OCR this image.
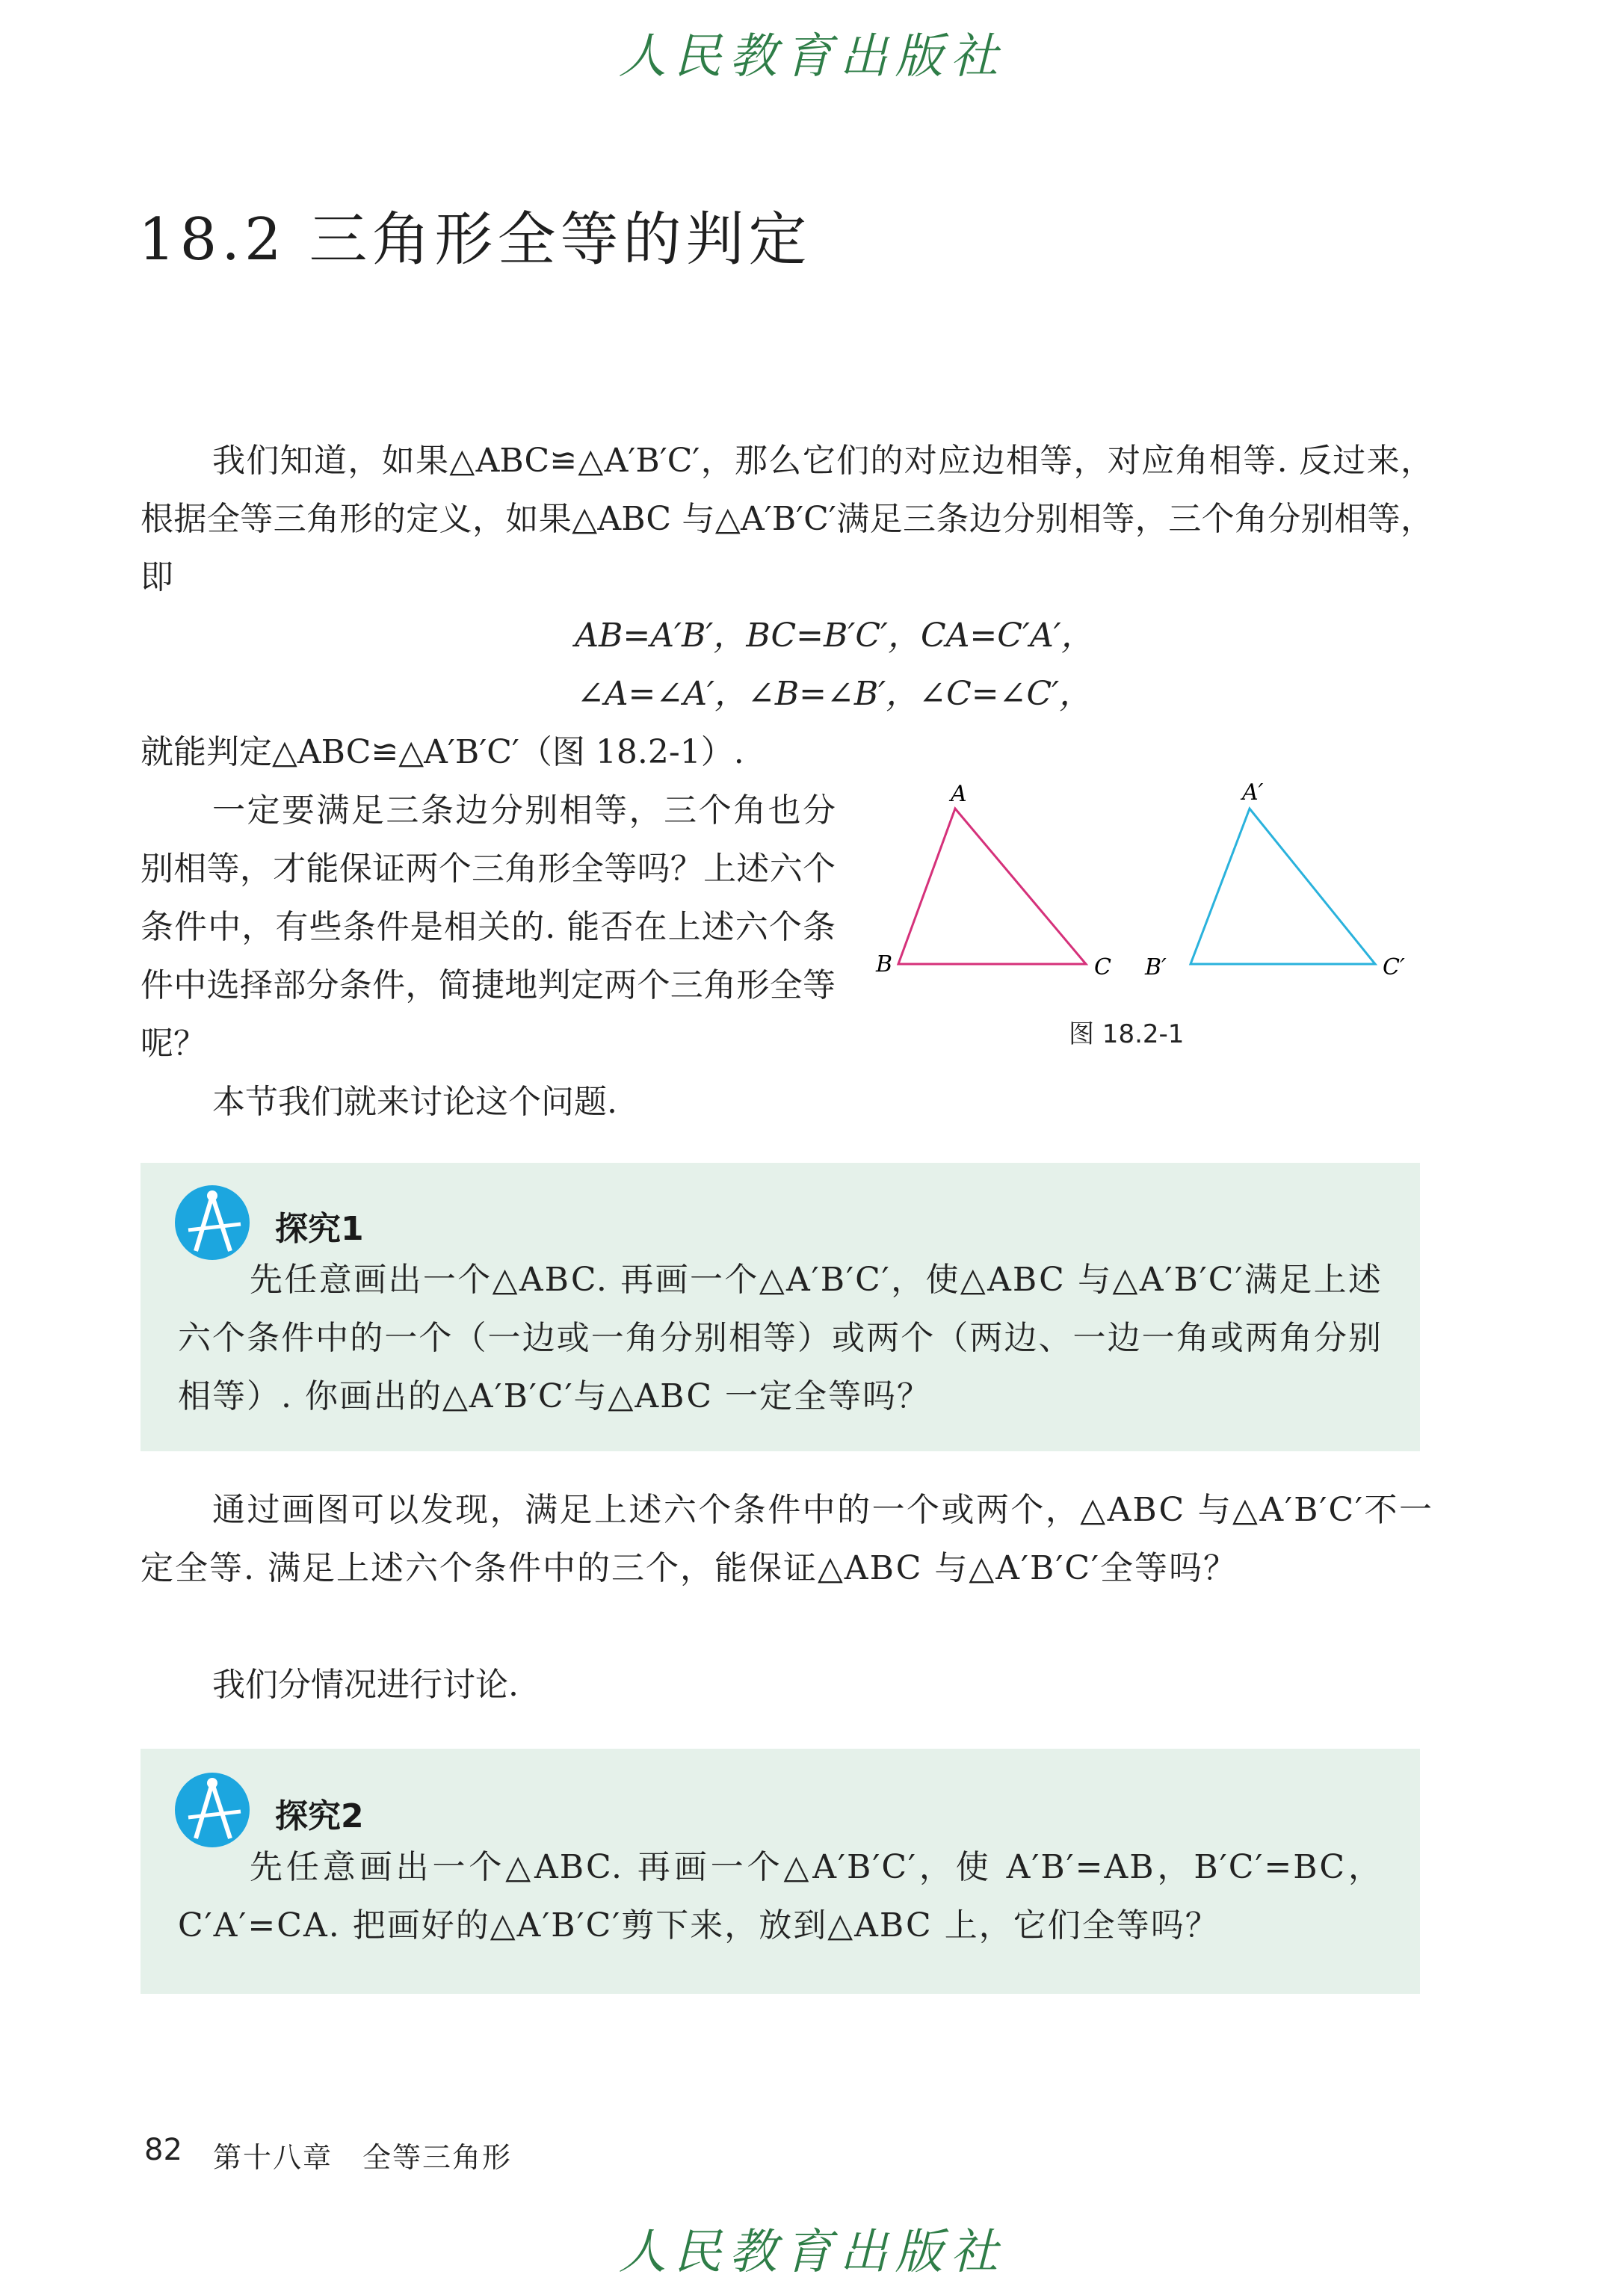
人民教育出版社
18.2 三角形全等的判定

我们知道，如果△ABC≌△A′B′C′，那么它们的对应边相等，对应角相等. 反过来，根据全等三角形的定义，如果△ABC 与△A′B′C′满足三条边分别相等，三个角分别相等，即

AB=A′B′，BC=B′C′，CA=C′A′，
∠A=∠A′，∠B=∠B′，∠C=∠C′，

就能判定△ABC≌△A′B′C′（图 18.2-1）.

一定要满足三条边分别相等，三个角也分别相等，才能保证两个三角形全等吗？上述六个条件中，有些条件是相关的. 能否在上述六个条件中选择部分条件，简捷地判定两个三角形全等呢？

本节我们就来讨论这个问题.

A
B	C
A′
B′	C′
图 18.2-1
探究1

先任意画出一个△ABC. 再画一个△A′B′C′，使△ABC 与△A′B′C′满足上述六个条件中的一个（一边或一角分别相等）或两个（两边、一边一角或两角分别相等）. 你画出的△A′B′C′与△ABC 一定全等吗？

通过画图可以发现，满足上述六个条件中的一个或两个，△ABC 与△A′B′C′不一定全等. 满足上述六个条件中的三个，能保证△ABC 与△A′B′C′全等吗？

我们分情况进行讨论.

探究2

先任意画出一个△ABC. 再画一个△A′B′C′，使 A′B′=AB，B′C′=BC，C′A′=CA. 把画好的△A′B′C′剪下来，放到△ABC 上，它们全等吗？

82 第十八章　全等三角形
人民教育出版社
